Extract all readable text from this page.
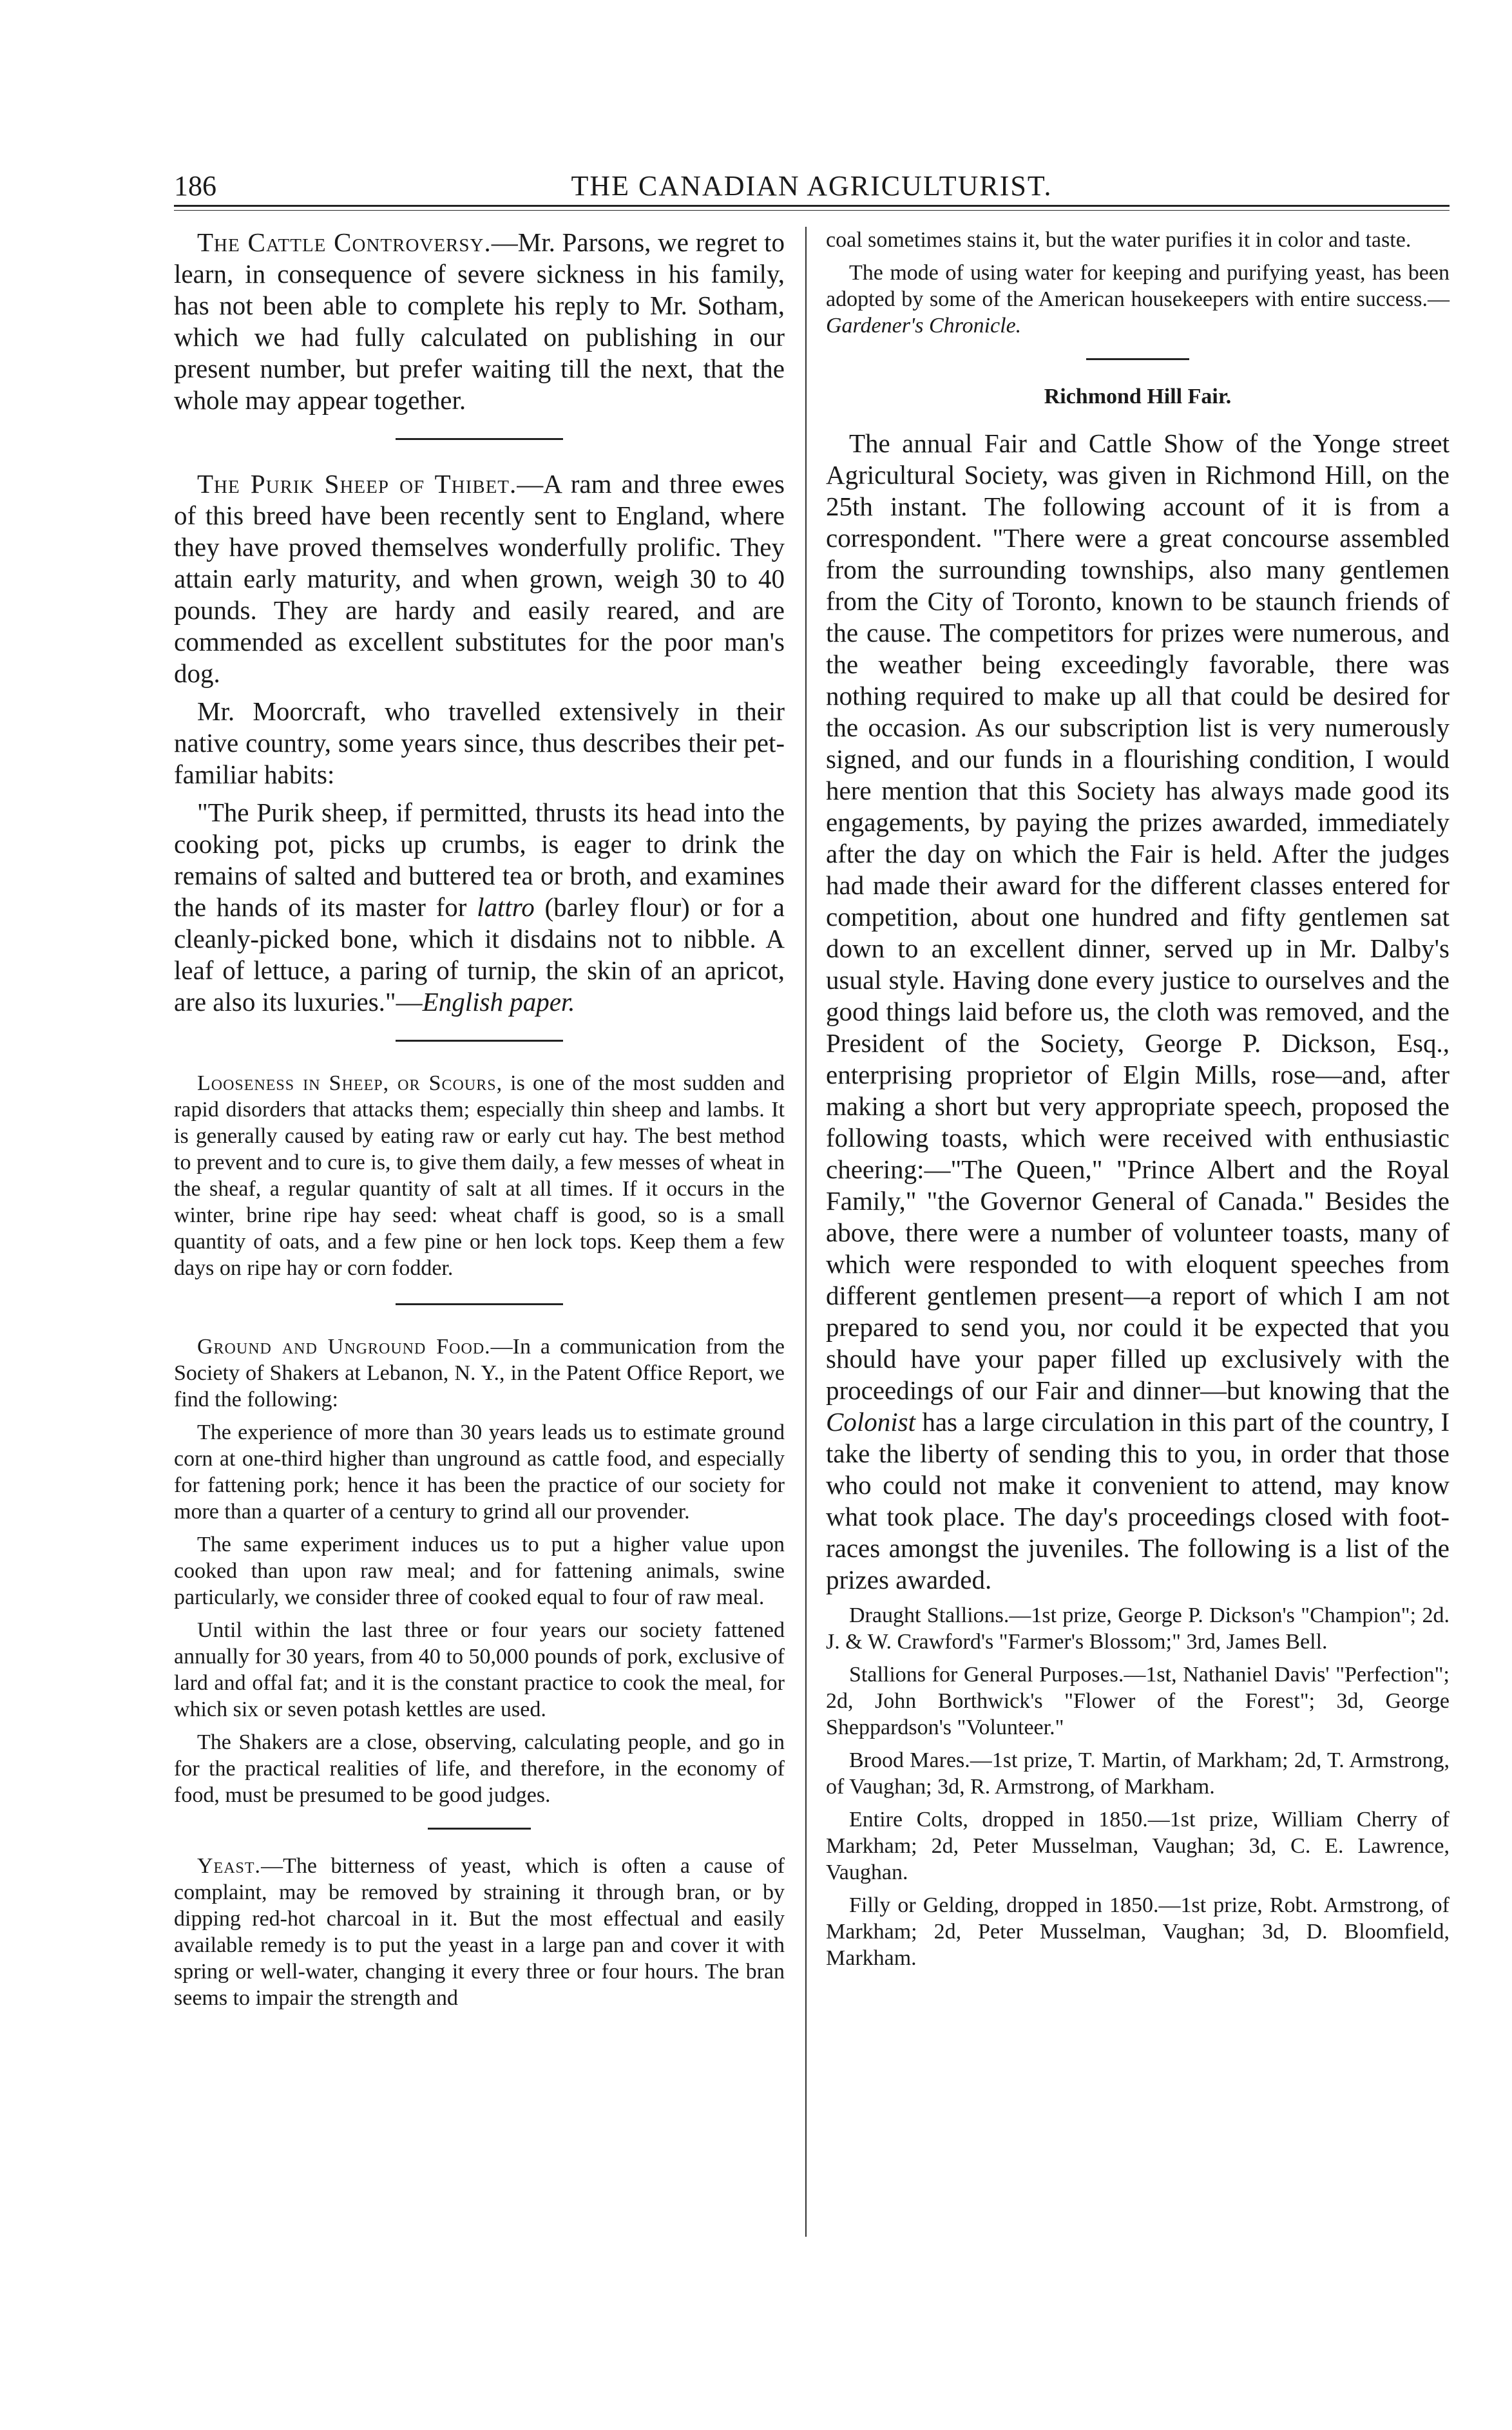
186	THE CANADIAN AGRICULTURIST.

The Cattle Controversy.—Mr. Parsons, we regret to learn, in consequence of severe sickness in his family, has not been able to complete his reply to Mr. Sotham, which we had fully calculated on publishing in our present number, but prefer waiting till the next, that the whole may appear together.

The Purik Sheep of Thibet.—A ram and three ewes of this breed have been recently sent to England, where they have proved themselves wonderfully prolific. They attain early maturity, and when grown, weigh 30 to 40 pounds. They are hardy and easily reared, and are commended as excellent substitutes for the poor man's dog.

Mr. Moorcraft, who travelled extensively in their native country, some years since, thus describes their pet-familiar habits:

"The Purik sheep, if permitted, thrusts its head into the cooking pot, picks up crumbs, is eager to drink the remains of salted and buttered tea or broth, and examines the hands of its master for lattro (barley flour) or for a cleanly-picked bone, which it disdains not to nibble. A leaf of lettuce, a paring of turnip, the skin of an apricot, are also its luxuries."—English paper.

Looseness in Sheep, or Scours, is one of the most sudden and rapid disorders that attacks them; especially thin sheep and lambs. It is generally caused by eating raw or early cut hay. The best method to prevent and to cure is, to give them daily, a few messes of wheat in the sheaf, a regular quantity of salt at all times. If it occurs in the winter, brine ripe hay seed: wheat chaff is good, so is a small quantity of oats, and a few pine or hen lock tops. Keep them a few days on ripe hay or corn fodder.

Ground and Unground Food.—In a communication from the Society of Shakers at Lebanon, N. Y., in the Patent Office Report, we find the following:

The experience of more than 30 years leads us to estimate ground corn at one-third higher than unground as cattle food, and especially for fattening pork; hence it has been the practice of our society for more than a quarter of a century to grind all our provender.

The same experiment induces us to put a higher value upon cooked than upon raw meal; and for fattening animals, swine particularly, we consider three of cooked equal to four of raw meal.

Until within the last three or four years our society fattened annually for 30 years, from 40 to 50,000 pounds of pork, exclusive of lard and offal fat; and it is the constant practice to cook the meal, for which six or seven potash kettles are used.

The Shakers are a close, observing, calculating people, and go in for the practical realities of life, and therefore, in the economy of food, must be presumed to be good judges.

Yeast.—The bitterness of yeast, which is often a cause of complaint, may be removed by straining it through bran, or by dipping red-hot charcoal in it. But the most effectual and easily available remedy is to put the yeast in a large pan and cover it with spring or well-water, changing it every three or four hours. The bran seems to impair the strength and

coal sometimes stains it, but the water purifies it in color and taste.

The mode of using water for keeping and purifying yeast, has been adopted by some of the American housekeepers with entire success.—Gardener's Chronicle.

Richmond Hill Fair.

The annual Fair and Cattle Show of the Yonge street Agricultural Society, was given in Richmond Hill, on the 25th instant. The following account of it is from a correspondent. "There were a great concourse assembled from the surrounding townships, also many gentlemen from the City of Toronto, known to be staunch friends of the cause. The competitors for prizes were numerous, and the weather being exceedingly favorable, there was nothing required to make up all that could be desired for the occasion. As our subscription list is very numerously signed, and our funds in a flourishing condition, I would here mention that this Society has always made good its engagements, by paying the prizes awarded, immediately after the day on which the Fair is held. After the judges had made their award for the different classes entered for competition, about one hundred and fifty gentlemen sat down to an excellent dinner, served up in Mr. Dalby's usual style. Having done every justice to ourselves and the good things laid before us, the cloth was removed, and the President of the Society, George P. Dickson, Esq., enterprising proprietor of Elgin Mills, rose—and, after making a short but very appropriate speech, proposed the following toasts, which were received with enthusiastic cheering:—"The Queen," "Prince Albert and the Royal Family," "the Governor General of Canada." Besides the above, there were a number of volunteer toasts, many of which were responded to with eloquent speeches from different gentlemen present—a report of which I am not prepared to send you, nor could it be expected that you should have your paper filled up exclusively with the proceedings of our Fair and dinner—but knowing that the Colonist has a large circulation in this part of the country, I take the liberty of sending this to you, in order that those who could not make it convenient to attend, may know what took place. The day's proceedings closed with foot-races amongst the juveniles. The following is a list of the prizes awarded.

Draught Stallions.—1st prize, George P. Dickson's "Champion"; 2d. J. & W. Crawford's "Farmer's Blossom;" 3rd, James Bell.

Stallions for General Purposes.—1st, Nathaniel Davis' "Perfection"; 2d, John Borthwick's "Flower of the Forest"; 3d, George Sheppardson's "Volunteer."

Brood Mares.—1st prize, T. Martin, of Markham; 2d, T. Armstrong, of Vaughan; 3d, R. Armstrong, of Markham.

Entire Colts, dropped in 1850.—1st prize, William Cherry of Markham; 2d, Peter Musselman, Vaughan; 3d, C. E. Lawrence, Vaughan.

Filly or Gelding, dropped in 1850.—1st prize, Robt. Armstrong, of Markham; 2d, Peter Musselman, Vaughan; 3d, D. Bloomfield, Markham.
